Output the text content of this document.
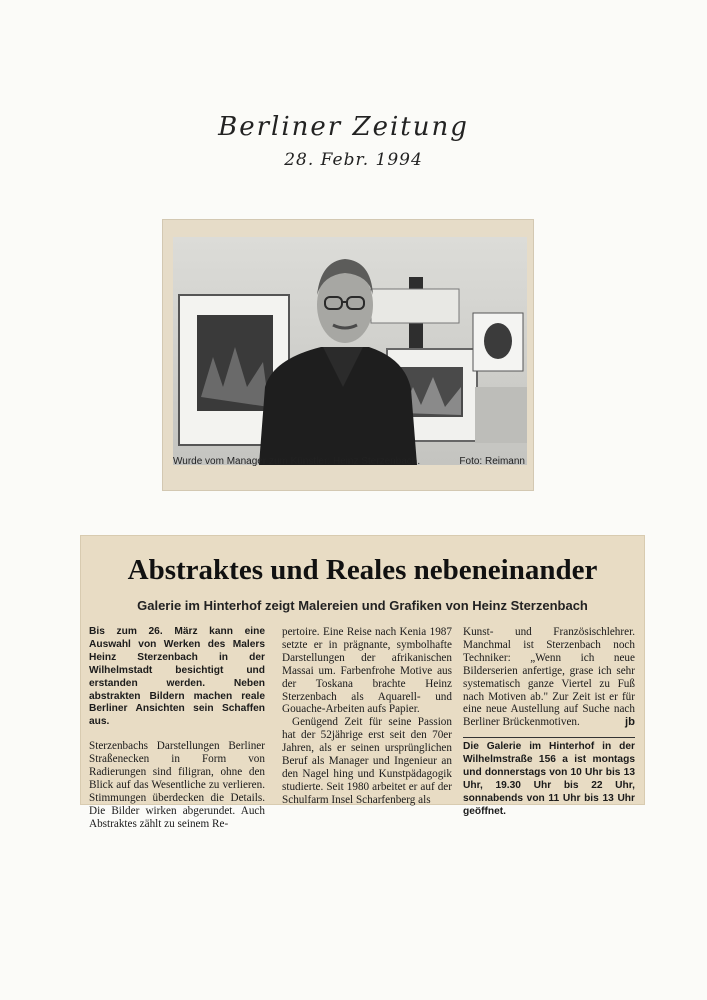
Berliner Zeitung
28. Febr. 1994
Wurde vom Manager zum Künstler: Heinz Sterzenbach.	Foto: Reimann
Abstraktes und Reales nebeneinander
Galerie im Hinterhof zeigt Malereien und Grafiken von Heinz Sterzenbach

Bis zum 26. März kann eine Auswahl von Werken des Malers Heinz Sterzenbach in der Wilhelmstadt besichtigt und erstanden werden. Neben abstrakten Bildern machen reale Berliner Ansichten sein Schaffen aus.

Sterzenbachs Darstellungen Berliner Straßenecken in Form von Radierungen sind filigran, ohne den Blick auf das Wesentliche zu verlieren. Stimmungen überdecken die Details. Die Bilder wirken abgerundet. Auch Abstraktes zählt zu seinem Re-

pertoire. Eine Reise nach Kenia 1987 setzte er in prägnante, symbolhafte Darstellungen der afrikanischen Massai um. Farbenfrohe Motive aus der Toskana brachte Heinz Sterzenbach als Aquarell- und Gouache-Arbeiten aufs Papier.

Genügend Zeit für seine Passion hat der 52jährige erst seit den 70er Jahren, als er seinen ursprünglichen Beruf als Manager und Ingenieur an den Nagel hing und Kunstpädagogik studierte. Seit 1980 arbeitet er auf der Schulfarm Insel Scharfenberg als

Kunst- und Französischlehrer. Manchmal ist Sterzenbach noch Techniker: „Wenn ich neue Bilderserien anfertige, grase ich sehr systematisch ganze Viertel zu Fuß nach Motiven ab." Zur Zeit ist er für eine neue Austellung auf Suche nach Berliner Brückenmotiven.	jb

Die Galerie im Hinterhof in der Wilhelmstraße 156 a ist montags und donnerstags von 10 Uhr bis 13 Uhr, 19.30 Uhr bis 22 Uhr, sonnabends von 11 Uhr bis 13 Uhr geöffnet.
